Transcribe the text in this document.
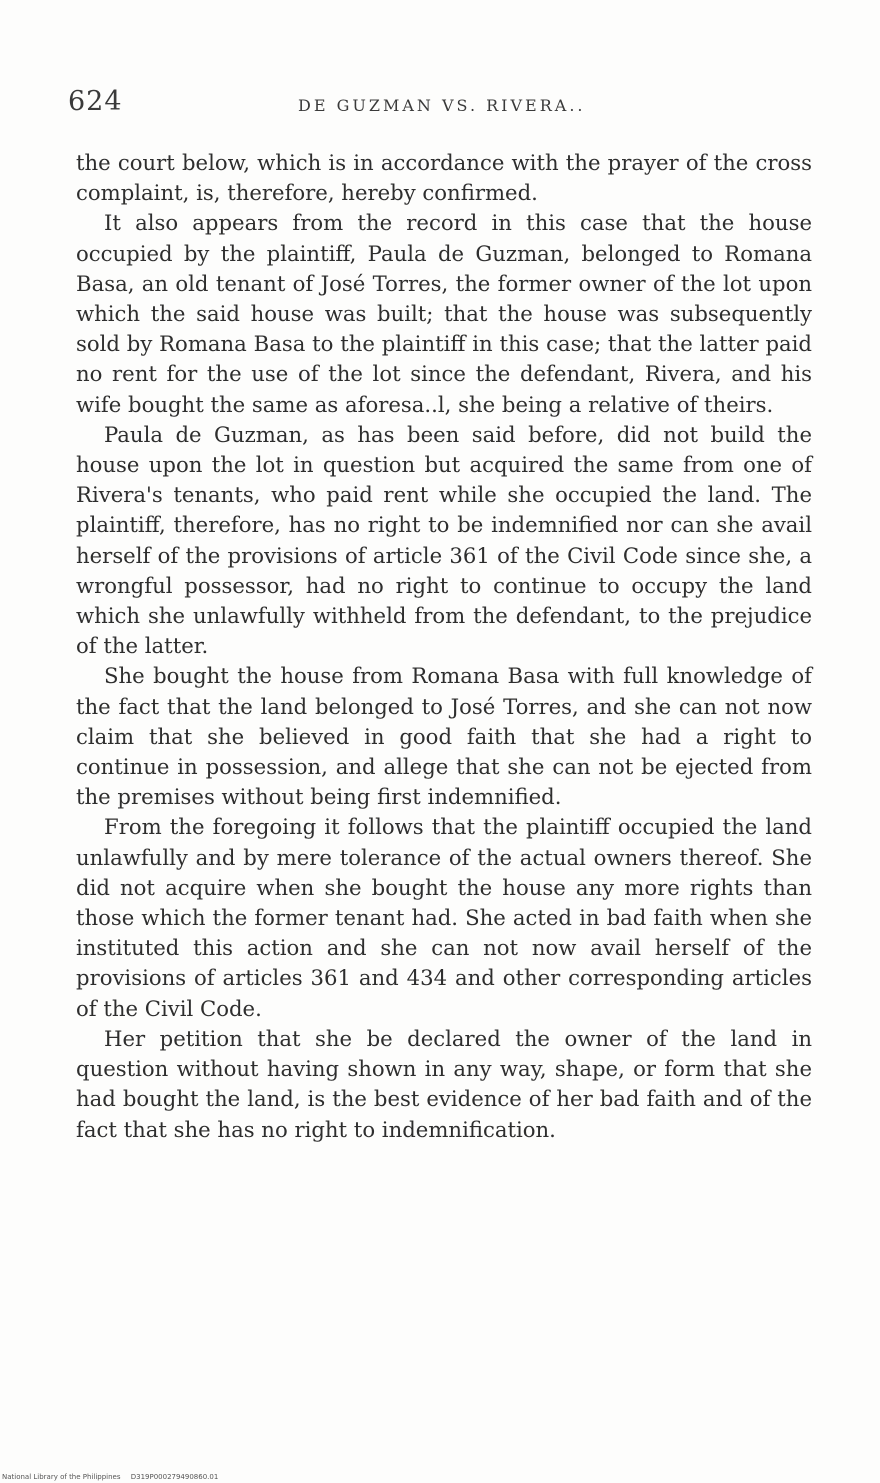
624	DE GUZMAN VS. RIVERA..

the court below, which is in accordance with the prayer of the cross complaint, is, therefore, hereby confirmed.

It also appears from the record in this case that the house occupied by the plaintiff, Paula de Guzman, belonged to Romana Basa, an old tenant of José Torres, the former owner of the lot upon which the said house was built; that the house was subsequently sold by Romana Basa to the plaintiff in this case; that the latter paid no rent for the use of the lot since the defendant, Rivera, and his wife bought the same as aforesa..l, she being a relative of theirs.

Paula de Guzman, as has been said before, did not build the house upon the lot in question but acquired the same from one of Rivera's tenants, who paid rent while she occupied the land. The plaintiff, therefore, has no right to be indemnified nor can she avail herself of the provisions of article 361 of the Civil Code since she, a wrongful possessor, had no right to continue to occupy the land which she unlawfully withheld from the defendant, to the prejudice of the latter.

She bought the house from Romana Basa with full knowledge of the fact that the land belonged to José Torres, and she can not now claim that she believed in good faith that she had a right to continue in possession, and allege that she can not be ejected from the premises without being first indemnified.

From the foregoing it follows that the plaintiff occupied the land unlawfully and by mere tolerance of the actual owners thereof. She did not acquire when she bought the house any more rights than those which the former tenant had. She acted in bad faith when she instituted this action and she can not now avail herself of the provisions of articles 361 and 434 and other corresponding articles of the Civil Code.

Her petition that she be declared the owner of the land in question without having shown in any way, shape, or form that she had bought the land, is the best evidence of her bad faith and of the fact that she has no right to indemnification.

National Library of the Philippines D319P000279490860.01
